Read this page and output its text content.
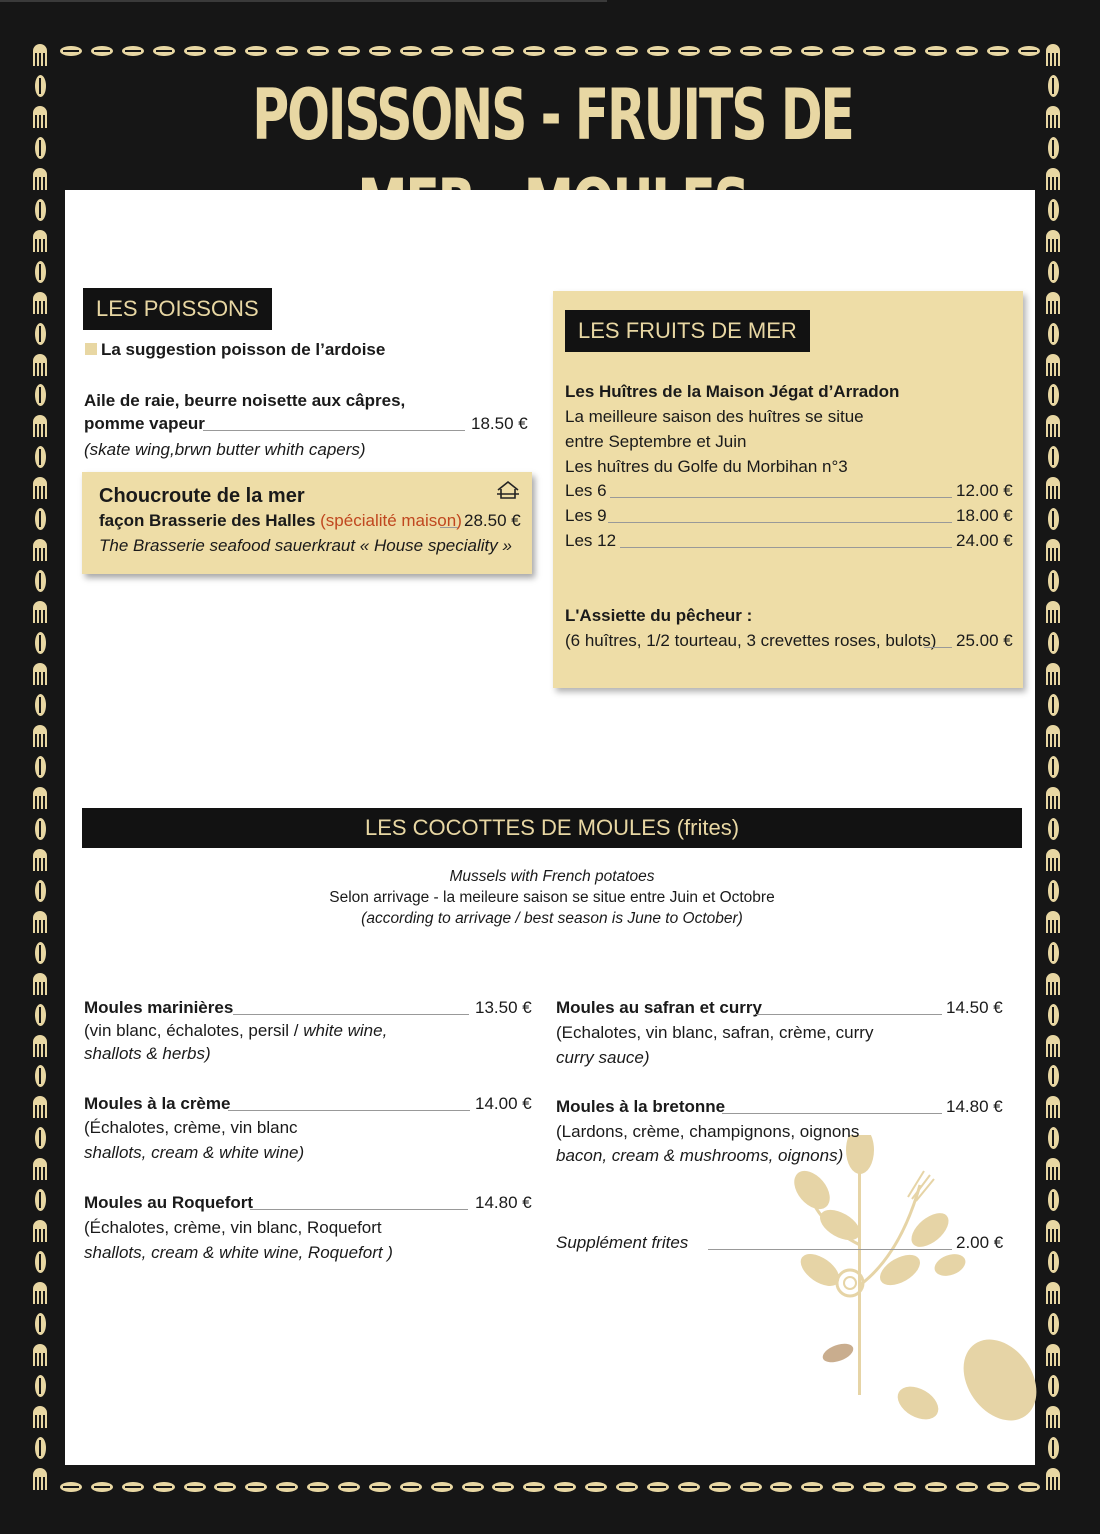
POISSONS - FRUITS DE
LES POISSONS
La suggestion poisson de l’ardoise
Aile de raie, beurre noisette aux câpres,
pomme vapeur	18.50 €
(skate wing,brwn butter whith capers)
Choucroute de la mer
façon Brasserie des Halles (spécialité maison) 28.50 €
The Brasserie seafood sauerkraut « House speciality »
LES FRUITS DE MER
Les Huîtres de la Maison Jégat d’Arradon
La meilleure saison des huîtres se situe
entre Septembre et Juin
Les huîtres du Golfe du Morbihan n°3
Les 6	12.00 €
Les 9	18.00 €
Les 12	24.00 €
L'Assiette du pêcheur :
(6 huîtres, 1/2 tourteau, 3 crevettes roses, bulots) 25.00 €
LES COCOTTES DE MOULES (frites)
Mussels with French potatoes
Selon arrivage - la meileure saison se situe entre Juin et Octobre
(according to arrivage / best season is June to October)
Moules marinières	13.50 €
(vin blanc, échalotes, persil / white wine,
shallots & herbs)
Moules à la crème	14.00 €
(Échalotes, crème, vin blanc
shallots, cream & white wine)
Moules au Roquefort	14.80 €
(Échalotes, crème, vin blanc, Roquefort
shallots, cream & white wine, Roquefort )
Moules au safran et curry	14.50 €
(Echalotes, vin blanc, safran, crème, curry
curry sauce)
Moules à la bretonne	14.80 €
(Lardons, crème, champignons, oignons
bacon, cream & mushrooms, oignons)
Supplément frites	2.00 €
